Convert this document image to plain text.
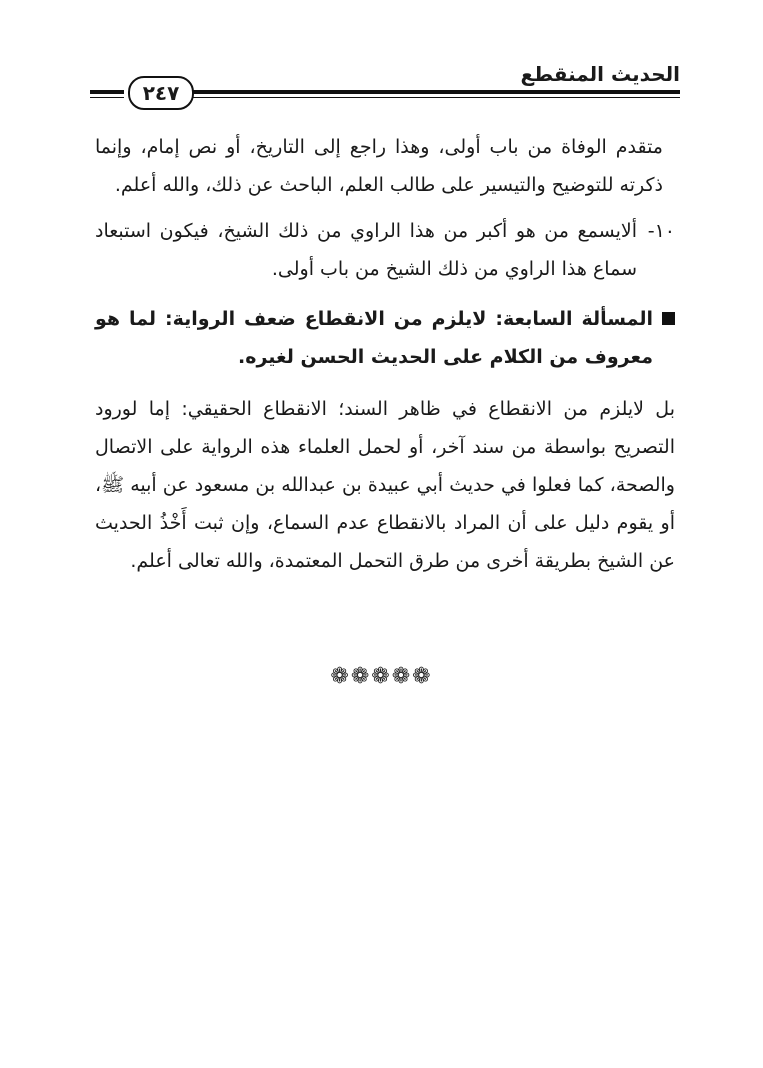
الحديث المنقطع
٢٤٧

متقدم الوفاة من باب أولى، وهذا راجع إلى التاريخ، أو نص إمام، وإنما ذكرته للتوضيح والتيسير على طالب العلم، الباحث عن ذلك، والله أعلم.

١٠-
ألايسمع من هو أكبر من هذا الراوي من ذلك الشيخ، فيكون استبعاد سماع هذا الراوي من ذلك الشيخ من باب أولى.
المسألة السابعة: لايلزم من الانقطاع ضعف الرواية: لما هو معروف من الكلام على الحديث الحسن لغيره.

بل لايلزم من الانقطاع في ظاهر السند؛ الانقطاع الحقيقي: إما لورود التصريح بواسطة من سند آخر، أو لحمل العلماء هذه الرواية على الاتصال والصحة، كما فعلوا في حديث أبي عبيدة بن عبدالله بن مسعود عن أبيه ﷺ، أو يقوم دليل على أن المراد بالانقطاع عدم السماع، وإن ثبت أَخْذُ الحديث عن الشيخ بطريقة أخرى من طرق التحمل المعتمدة، والله تعالى أعلم.

❁❁❁❁❁
